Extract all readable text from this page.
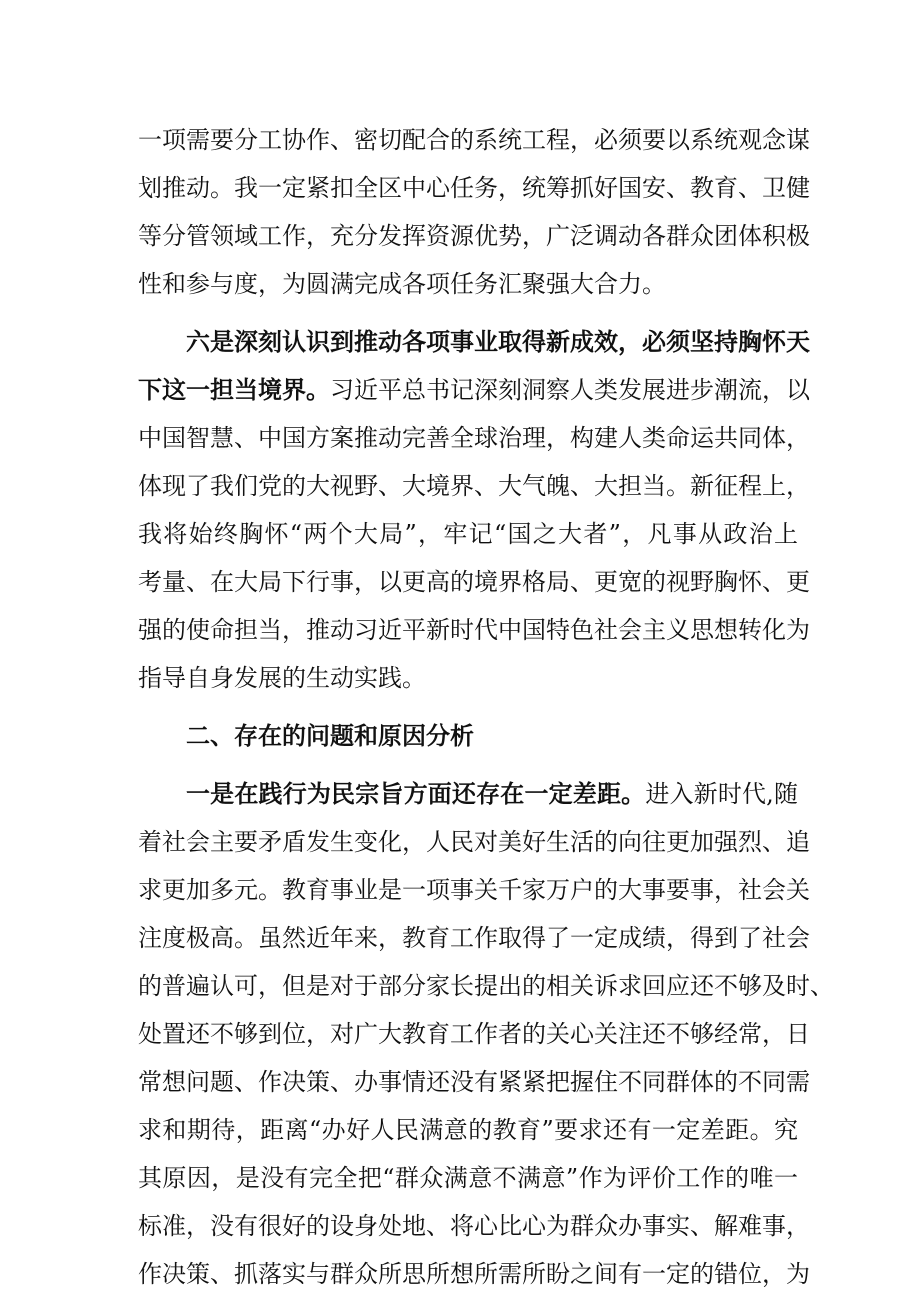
一项需要分工协作、密切配合的系统工程，必须要以系统观念谋
划推动。我一定紧扣全区中心任务，统筹抓好国安、教育、卫健
等分管领域工作，充分发挥资源优势，广泛调动各群众团体积极
性和参与度，为圆满完成各项任务汇聚强大合力。
六是深刻认识到推动各项事业取得新成效，必须坚持胸怀天
下这一担当境界。习近平总书记深刻洞察人类发展进步潮流，以
中国智慧、中国方案推动完善全球治理，构建人类命运共同体，
体现了我们党的大视野、大境界、大气魄、大担当。新征程上，
我将始终胸怀“两个大局”，牢记“国之大者”，凡事从政治上
考量、在大局下行事，以更高的境界格局、更宽的视野胸怀、更
强的使命担当，推动习近平新时代中国特色社会主义思想转化为
指导自身发展的生动实践。
二、存在的问题和原因分析
一是在践行为民宗旨方面还存在一定差距。进入新时代,随
着社会主要矛盾发生变化，人民对美好生活的向往更加强烈、追
求更加多元。教育事业是一项事关千家万户的大事要事，社会关
注度极高。虽然近年来，教育工作取得了一定成绩，得到了社会
的普遍认可，但是对于部分家长提出的相关诉求回应还不够及时、
处置还不够到位，对广大教育工作者的关心关注还不够经常，日
常想问题、作决策、办事情还没有紧紧把握住不同群体的不同需
求和期待，距离“办好人民满意的教育”要求还有一定差距。究
其原因，是没有完全把“群众满意不满意”作为评价工作的唯一
标准，没有很好的设身处地、将心比心为群众办事实、解难事，
作决策、抓落实与群众所思所想所需所盼之间有一定的错位，为
